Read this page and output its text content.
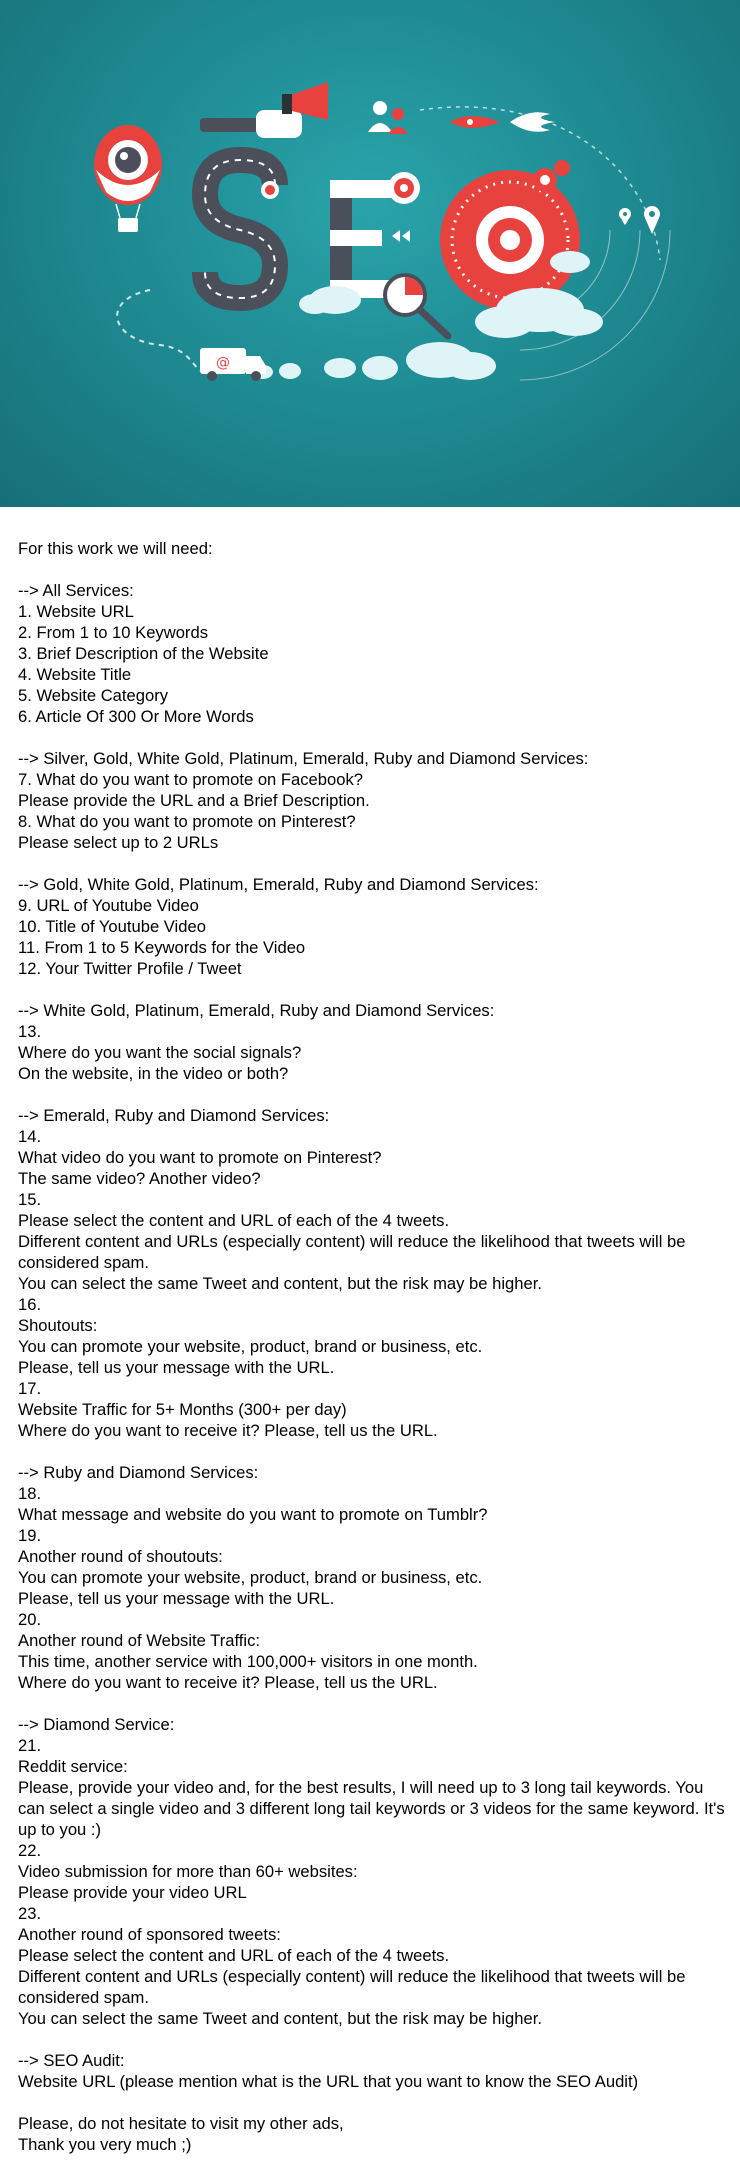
@

For this work we will need:

--> All Services:
1. Website URL
2. From 1 to 10 Keywords
3. Brief Description of the Website
4. Website Title
5. Website Category
6. Article Of 300 Or More Words

--> Silver, Gold, White Gold, Platinum, Emerald, Ruby and Diamond Services:
7. What do you want to promote on Facebook?
Please provide the URL and a Brief Description.
8. What do you want to promote on Pinterest?
Please select up to 2 URLs

--> Gold, White Gold, Platinum, Emerald, Ruby and Diamond Services:
9. URL of Youtube Video
10. Title of Youtube Video
11. From 1 to 5 Keywords for the Video
12. Your Twitter Profile / Tweet

--> White Gold, Platinum, Emerald, Ruby and Diamond Services:
13.
Where do you want the social signals?
On the website, in the video or both?

--> Emerald, Ruby and Diamond Services:
14.
What video do you want to promote on Pinterest?
The same video? Another video?
15.
Please select the content and URL of each of the 4 tweets.
Different content and URLs (especially content) will reduce the likelihood that tweets will be considered spam.
You can select the same Tweet and content, but the risk may be higher.
16.
Shoutouts:
You can promote your website, product, brand or business, etc.
Please, tell us your message with the URL.
17.
Website Traffic for 5+ Months (300+ per day)
Where do you want to receive it? Please, tell us the URL.

--> Ruby and Diamond Services:
18.
What message and website do you want to promote on Tumblr?
19.
Another round of shoutouts:
You can promote your website, product, brand or business, etc.
Please, tell us your message with the URL.
20.
Another round of Website Traffic:
This time, another service with 100,000+ visitors in one month.
Where do you want to receive it? Please, tell us the URL.

--> Diamond Service:
21.
Reddit service:
Please, provide your video and, for the best results, I will need up to 3 long tail keywords. You can select a single video and 3 different long tail keywords or 3 videos for the same keyword. It's up to you :)
22.
Video submission for more than 60+ websites:
Please provide your video URL
23.
Another round of sponsored tweets:
Please select the content and URL of each of the 4 tweets.
Different content and URLs (especially content) will reduce the likelihood that tweets will be considered spam.
You can select the same Tweet and content, but the risk may be higher.

--> SEO Audit:
Website URL (please mention what is the URL that you want to know the SEO Audit)

Please, do not hesitate to visit my other ads,
Thank you very much ;)
